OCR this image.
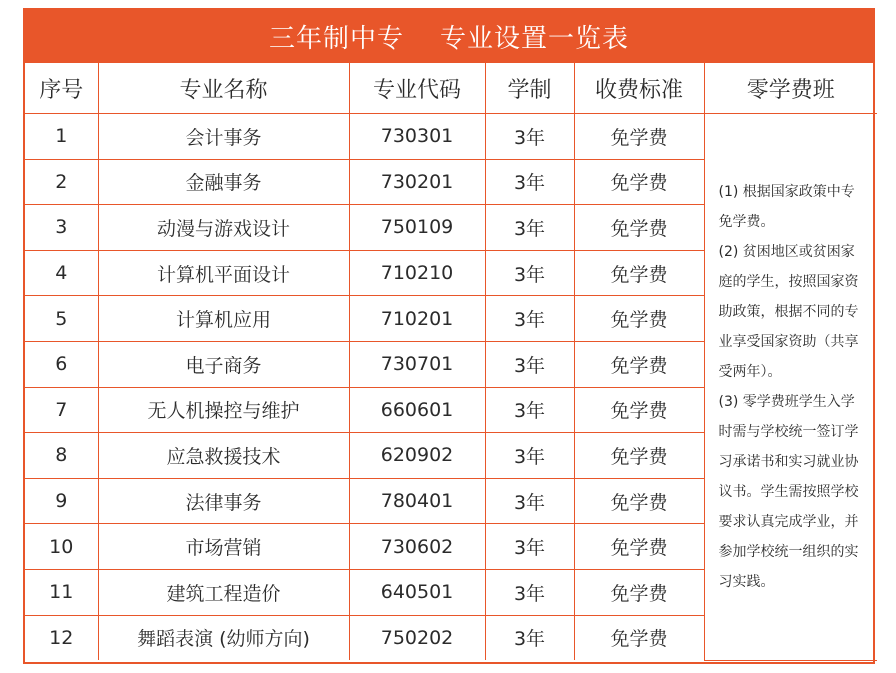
三年制中专 专业设置一览表
序号	专业名称	专业代码	学制	收费标准	零学费班
1	会计事务	730301	3年	免学费	(1) 根据国家政策中专免学费。

(2) 贫困地区或贫困家庭的学生，按照国家资助政策，根据不同的专业享受国家资助（共享受两年）。

(3) 零学费班学生入学时需与学校统一签订学习承诺书和实习就业协议书。学生需按照学校要求认真完成学业，并参加学校统一组织的实习实践。

2	金融事务	730201	3年	免学费	
3	动漫与游戏设计	750109	3年	免学费	
4	计算机平面设计	710210	3年	免学费	
5	计算机应用	710201	3年	免学费	
6	电子商务	730701	3年	免学费	
7	无人机操控与维护	660601	3年	免学费	
8	应急救援技术	620902	3年	免学费	
9	法律事务	780401	3年	免学费	
10	市场营销	730602	3年	免学费	
11	建筑工程造价	640501	3年	免学费	
12	舞蹈表演 (幼师方向)	750202	3年	免学费	
